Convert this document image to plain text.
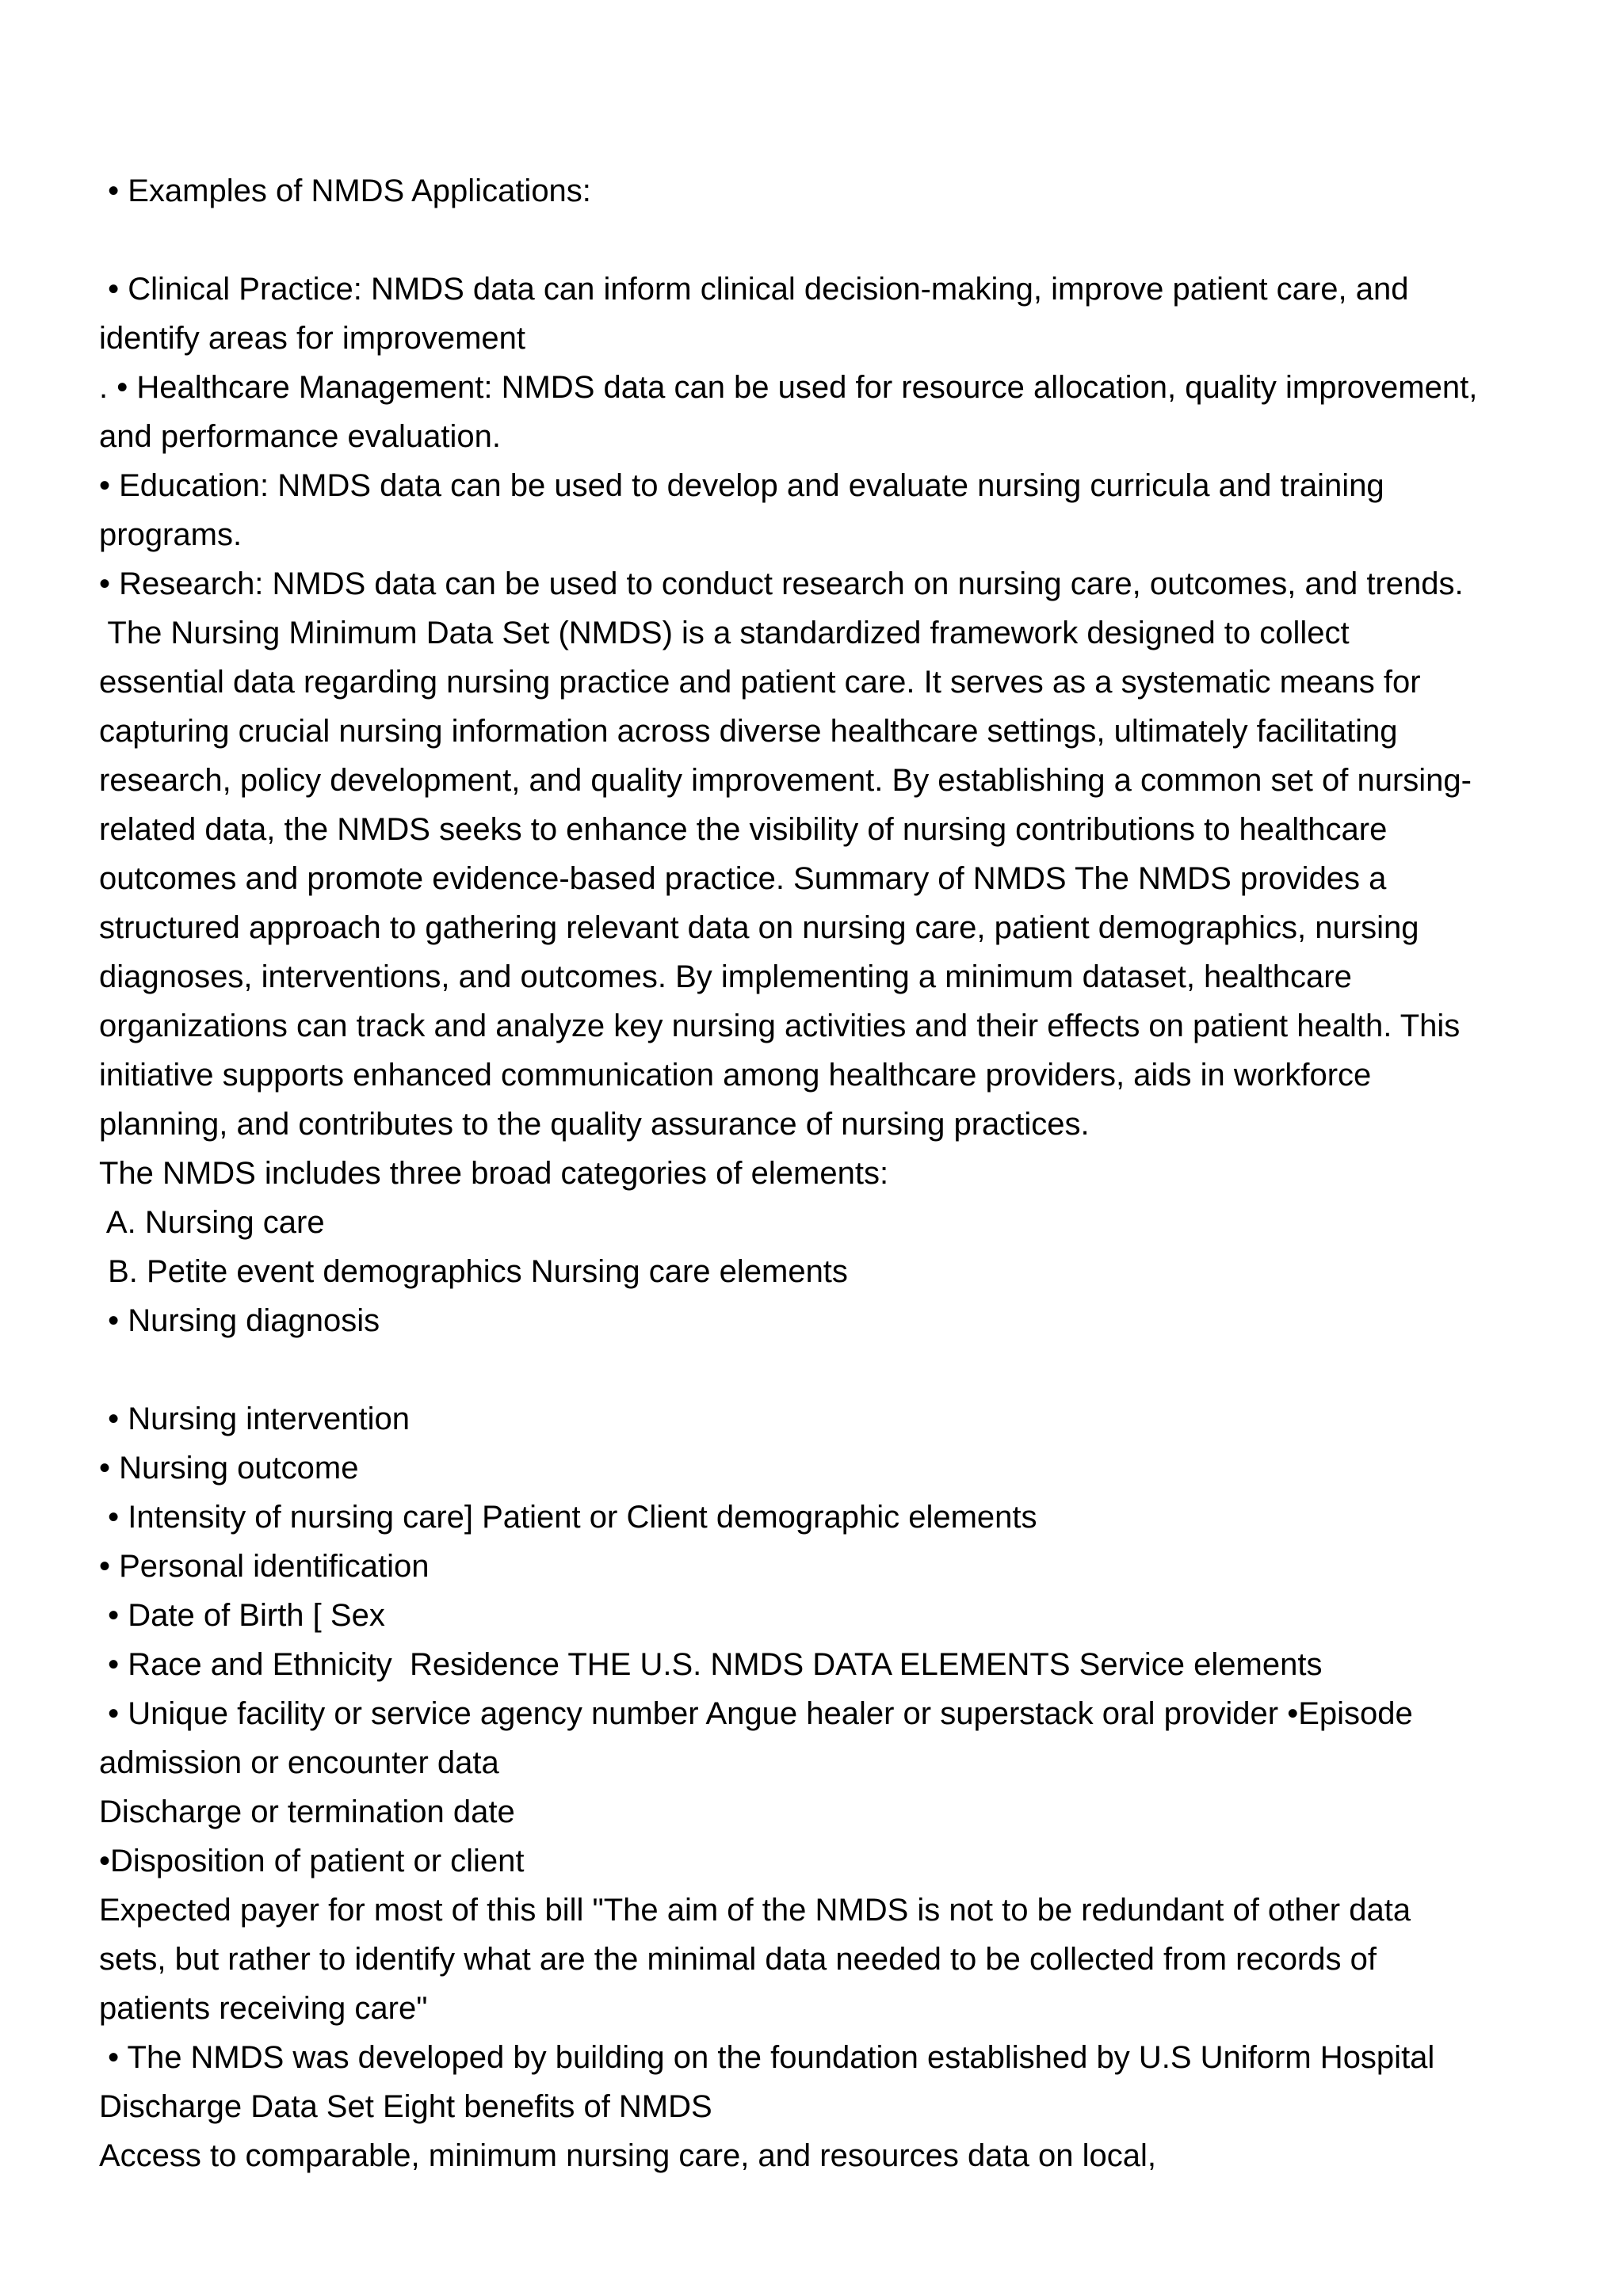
• Examples of NMDS Applications:
• Clinical Practice: NMDS data can inform clinical decision-making, improve patient care, and
identify areas for improvement
. • Healthcare Management: NMDS data can be used for resource allocation, quality improvement,
and performance evaluation.
• Education: NMDS data can be used to develop and evaluate nursing curricula and training
programs.
• Research: NMDS data can be used to conduct research on nursing care, outcomes, and trends.
The Nursing Minimum Data Set (NMDS) is a standardized framework designed to collect
essential data regarding nursing practice and patient care. It serves as a systematic means for
capturing crucial nursing information across diverse healthcare settings, ultimately facilitating
research, policy development, and quality improvement. By establishing a common set of nursing-
related data, the NMDS seeks to enhance the visibility of nursing contributions to healthcare
outcomes and promote evidence-based practice. Summary of NMDS The NMDS provides a
structured approach to gathering relevant data on nursing care, patient demographics, nursing
diagnoses, interventions, and outcomes. By implementing a minimum dataset, healthcare
organizations can track and analyze key nursing activities and their effects on patient health. This
initiative supports enhanced communication among healthcare providers, aids in workforce
planning, and contributes to the quality assurance of nursing practices.
The NMDS includes three broad categories of elements:
A. Nursing care
B. Petite event demographics Nursing care elements
• Nursing diagnosis
• Nursing intervention
• Nursing outcome
• Intensity of nursing care] Patient or Client demographic elements
• Personal identification
• Date of Birth [ Sex
• Race and Ethnicity  Residence THE U.S. NMDS DATA ELEMENTS Service elements
• Unique facility or service agency number Angue healer or superstack oral provider •Episode
admission or encounter data
Discharge or termination date
•Disposition of patient or client
Expected payer for most of this bill "The aim of the NMDS is not to be redundant of other data
sets, but rather to identify what are the minimal data needed to be collected from records of
patients receiving care"
• The NMDS was developed by building on the foundation established by U.S Uniform Hospital
Discharge Data Set Eight benefits of NMDS
Access to comparable, minimum nursing care, and resources data on local,
